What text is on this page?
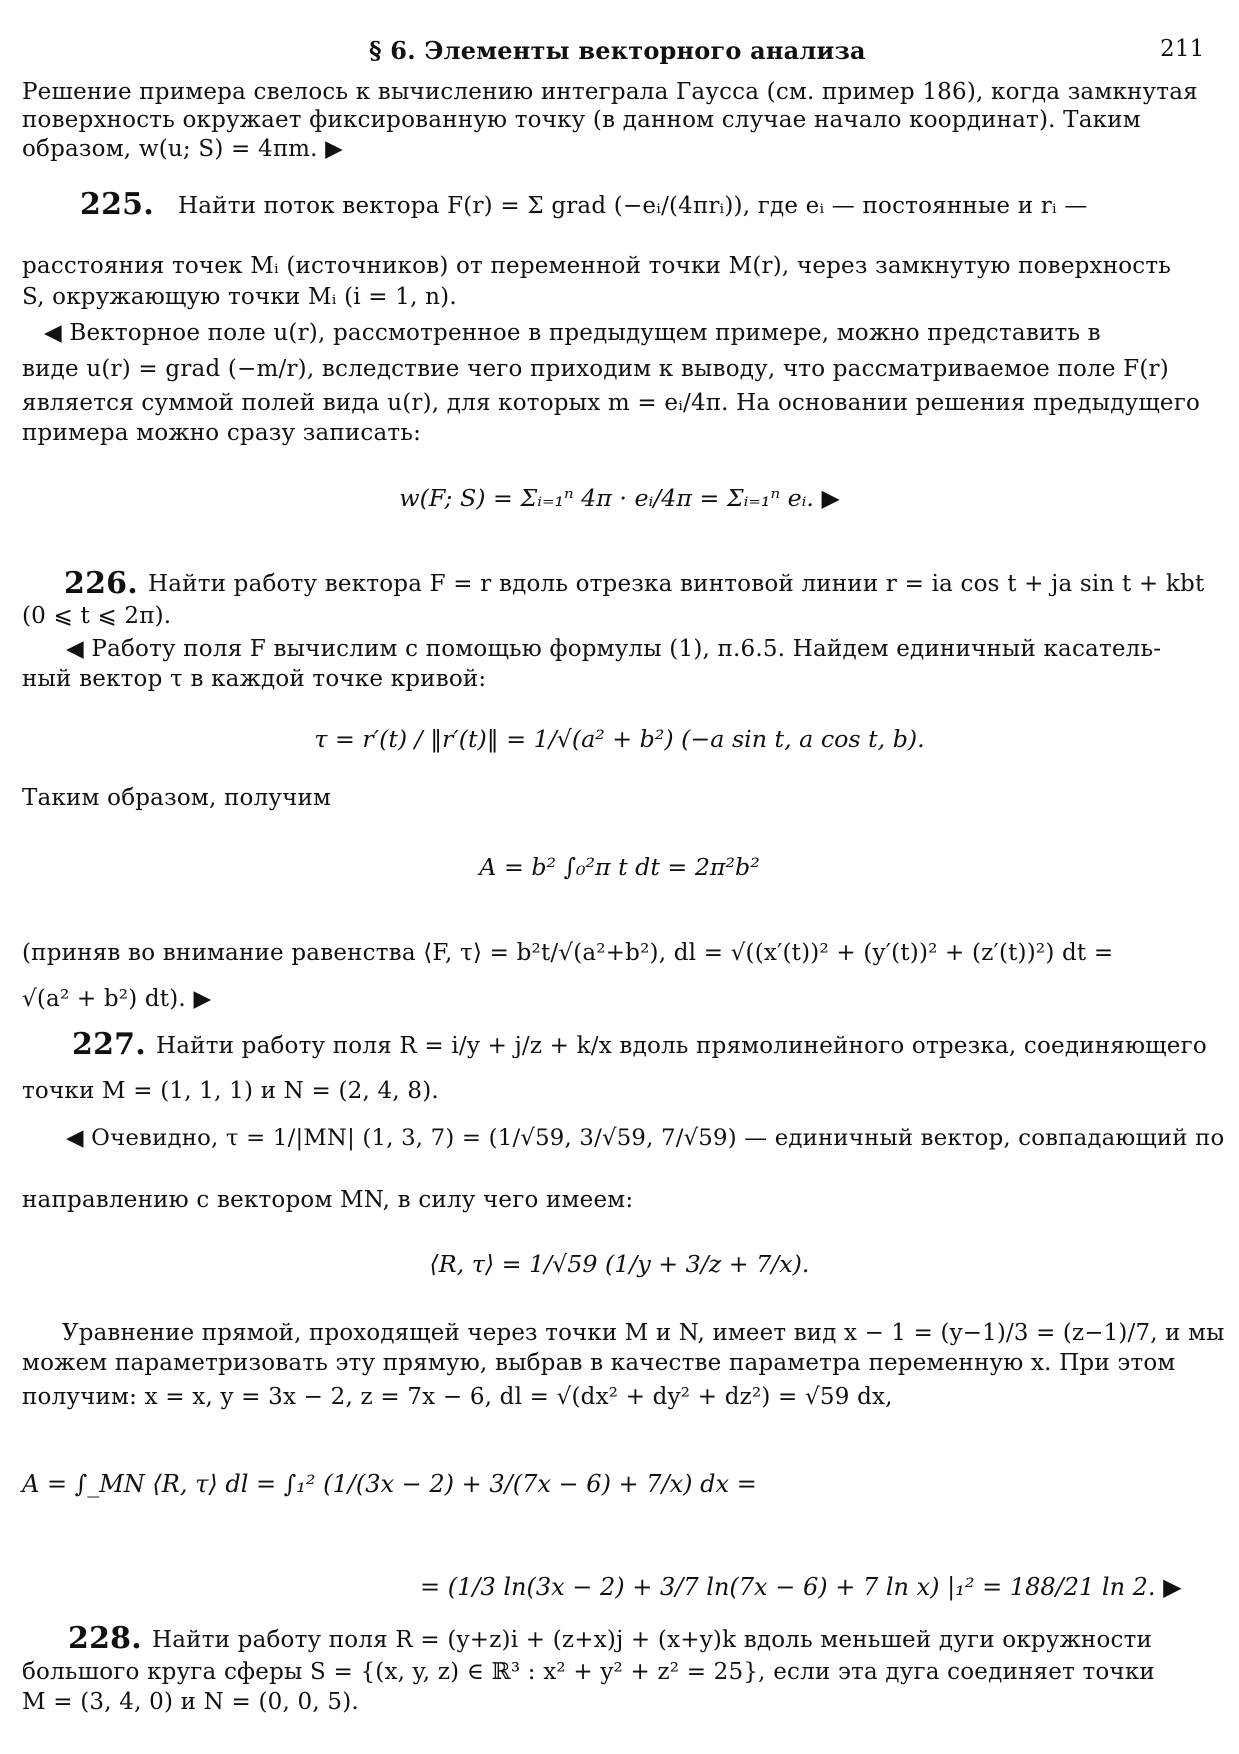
§ 6. Элементы векторного анализа	211
Решение примера свелось к вычислению интеграла Гаусса (см. пример 186), когда замкнутая
поверхность окружает фиксированную точку (в данном случае начало координат). Таким
образом, w(u; S) = 4πm. ▶
225. Найти поток вектора F(r) = Σ grad (−eᵢ/(4πrᵢ)), где eᵢ — постоянные и rᵢ —
расстояния точек Mᵢ (источников) от переменной точки M(r), через замкнутую поверхность
S, окружающую точки Mᵢ (i = 1, n).
◀ Векторное поле u(r), рассмотренное в предыдущем примере, можно представить в
виде u(r) = grad (−m/r), вследствие чего приходим к выводу, что рассматриваемое поле F(r)
является суммой полей вида u(r), для которых m = eᵢ/4π. На основании решения предыдущего
примера можно сразу записать:
w(F; S) = Σᵢ₌₁ⁿ 4π · eᵢ/4π = Σᵢ₌₁ⁿ eᵢ. ▶
226. Найти работу вектора F = r вдоль отрезка винтовой линии r = ia cos t + ja sin t + kbt
(0 ⩽ t ⩽ 2π).
◀ Работу поля F вычислим с помощью формулы (1), п.6.5. Найдем единичный касатель-
ный вектор τ в каждой точке кривой:
τ = r′(t) / ‖r′(t)‖ = 1/√(a² + b²) (−a sin t, a cos t, b).
Таким образом, получим
A = b² ∫₀²π t dt = 2π²b²
(приняв во внимание равенства ⟨F, τ⟩ = b²t/√(a²+b²), dl = √((x′(t))² + (y′(t))² + (z′(t))²) dt =
√(a² + b²) dt). ▶
227. Найти работу поля R = i/y + j/z + k/x вдоль прямолинейного отрезка, соединяющего
точки M = (1, 1, 1) и N = (2, 4, 8).
◀ Очевидно, τ = 1/|MN| (1, 3, 7) = (1/√59, 3/√59, 7/√59) — единичный вектор, совпадающий по
направлению с вектором MN, в силу чего имеем:
⟨R, τ⟩ = 1/√59 (1/y + 3/z + 7/x).
Уравнение прямой, проходящей через точки M и N, имеет вид x − 1 = (y−1)/3 = (z−1)/7, и мы
можем параметризовать эту прямую, выбрав в качестве параметра переменную x. При этом
получим: x = x, y = 3x − 2, z = 7x − 6, dl = √(dx² + dy² + dz²) = √59 dx,
A = ∫_MN ⟨R, τ⟩ dl = ∫₁² (1/(3x − 2) + 3/(7x − 6) + 7/x) dx =
= (1/3 ln(3x − 2) + 3/7 ln(7x − 6) + 7 ln x) |₁² = 188/21 ln 2. ▶
228. Найти работу поля R = (y+z)i + (z+x)j + (x+y)k вдоль меньшей дуги окружности
большого круга сферы S = {(x, y, z) ∈ ℝ³ : x² + y² + z² = 25}, если эта дуга соединяет точки
M = (3, 4, 0) и N = (0, 0, 5).
